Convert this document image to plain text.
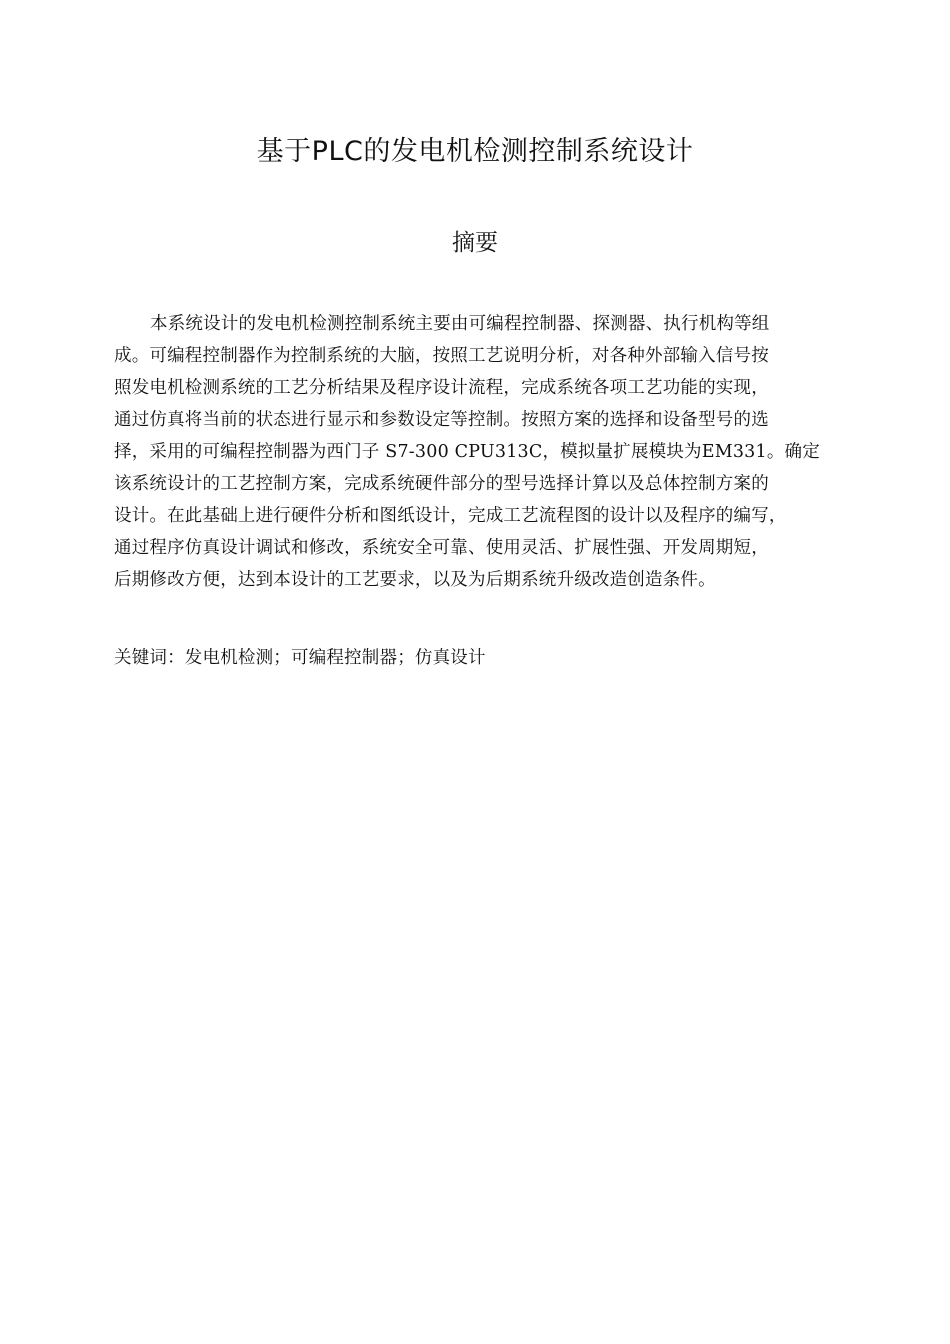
基于PLC的发电机检测控制系统设计
摘要
本系统设计的发电机检测控制系统主要由可编程控制器、探测器、执行机构等组
成。可编程控制器作为控制系统的大脑，按照工艺说明分析，对各种外部输入信号按
照发电机检测系统的工艺分析结果及程序设计流程，完成系统各项工艺功能的实现，
通过仿真将当前的状态进行显示和参数设定等控制。按照方案的选择和设备型号的选
择，采用的可编程控制器为西门子 S7-300 CPU313C，模拟量扩展模块为EM331。确定
该系统设计的工艺控制方案，完成系统硬件部分的型号选择计算以及总体控制方案的
设计。在此基础上进行硬件分析和图纸设计，完成工艺流程图的设计以及程序的编写，
通过程序仿真设计调试和修改，系统安全可靠、使用灵活、扩展性强、开发周期短，
后期修改方便，达到本设计的工艺要求，以及为后期系统升级改造创造条件。
关键词：发电机检测；可编程控制器；仿真设计
